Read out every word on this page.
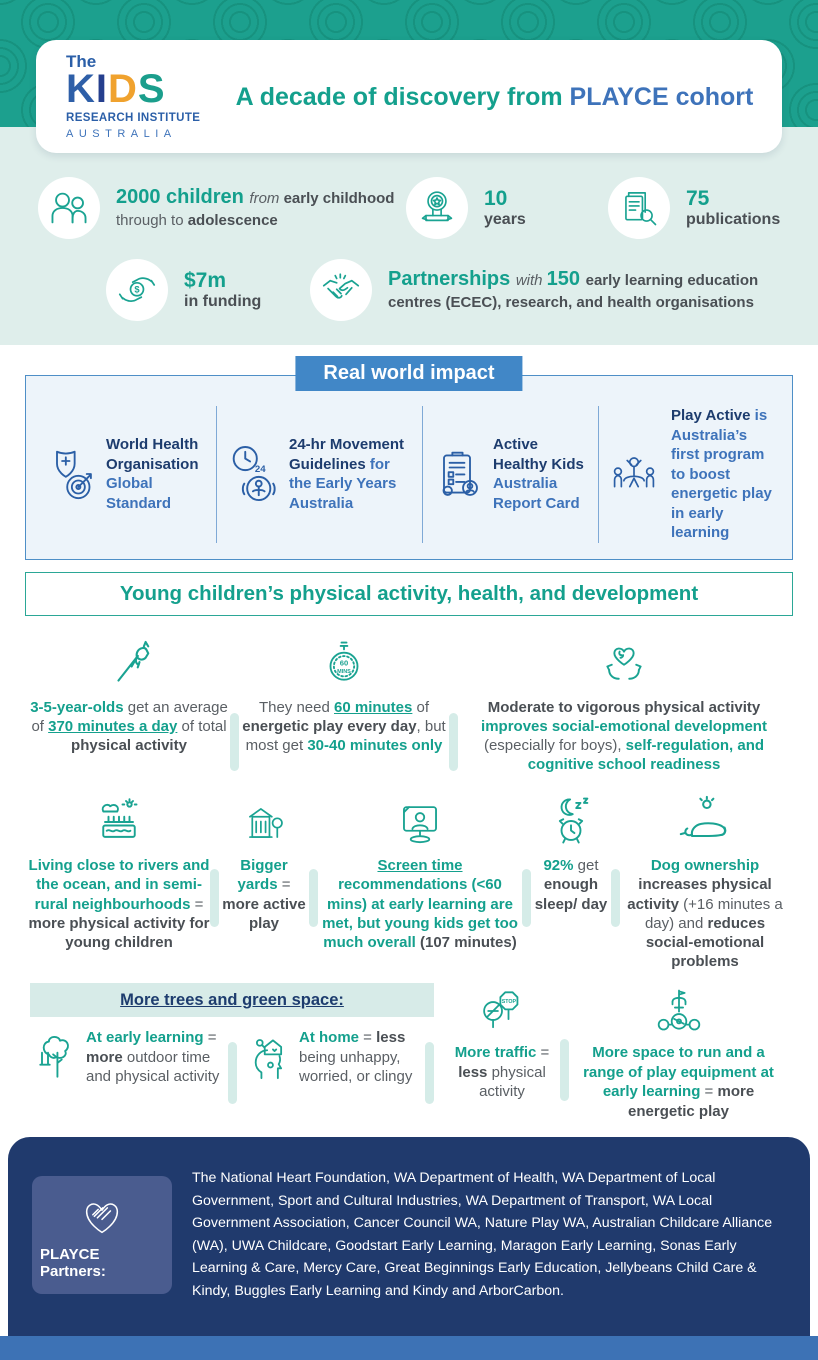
The
KIDS
RESEARCH INSTITUTE
AUSTRALIA
A decade of discovery from PLAYCE cohort
2000 children from early childhood through to adolescence
10
years
75
publications
$ $7m
in funding
Partnerships with 150 early learning education centres (ECEC), research, and health organisations
Real world impact
World Health Organisation Global Standard
24
24-hr Movement Guidelines for the Early Years Australia
Active Healthy Kids Australia Report Card
Play Active is Australia’s first program to boost energetic play in early learning
Young children’s physical activity, health, and development
3-5-year-olds get an average of 370 minutes a day of total physical activity
60
MINS
They need 60 minutes of energetic play every day, but most get 30-40 minutes only
Moderate to vigorous physical activity improves social-emotional development (especially for boys), self-regulation, and cognitive school readiness
Living close to rivers and the ocean, and in semi-rural neighbourhoods = more physical activity for young children
Bigger yards = more active play
Screen time recommendations (<60 mins) at early learning are met, but young kids get too much overall (107 minutes)
92% get enough sleep/ day
Dog ownership increases physical activity (+16 minutes a day) and reduces social-emotional problems
More trees and green space:
At early learning = more outdoor time and physical activity
At home = less being unhappy, worried, or clingy
STOP
More traffic = less physical activity
More space to run and a range of play equipment at early learning = more energetic play
PLAYCE Partners:
The National Heart Foundation, WA Department of Health, WA Department of Local Government, Sport and Cultural Industries, WA Department of Transport, WA Local Government Association, Cancer Council WA, Nature Play WA, Australian Childcare Alliance (WA), UWA Childcare, Goodstart Early Learning, Maragon Early Learning, Sonas Early Learning & Care, Mercy Care, Great Beginnings Early Education, Jellybeans Child Care & Kindy, Buggles Early Learning and Kindy and ArborCarbon.
